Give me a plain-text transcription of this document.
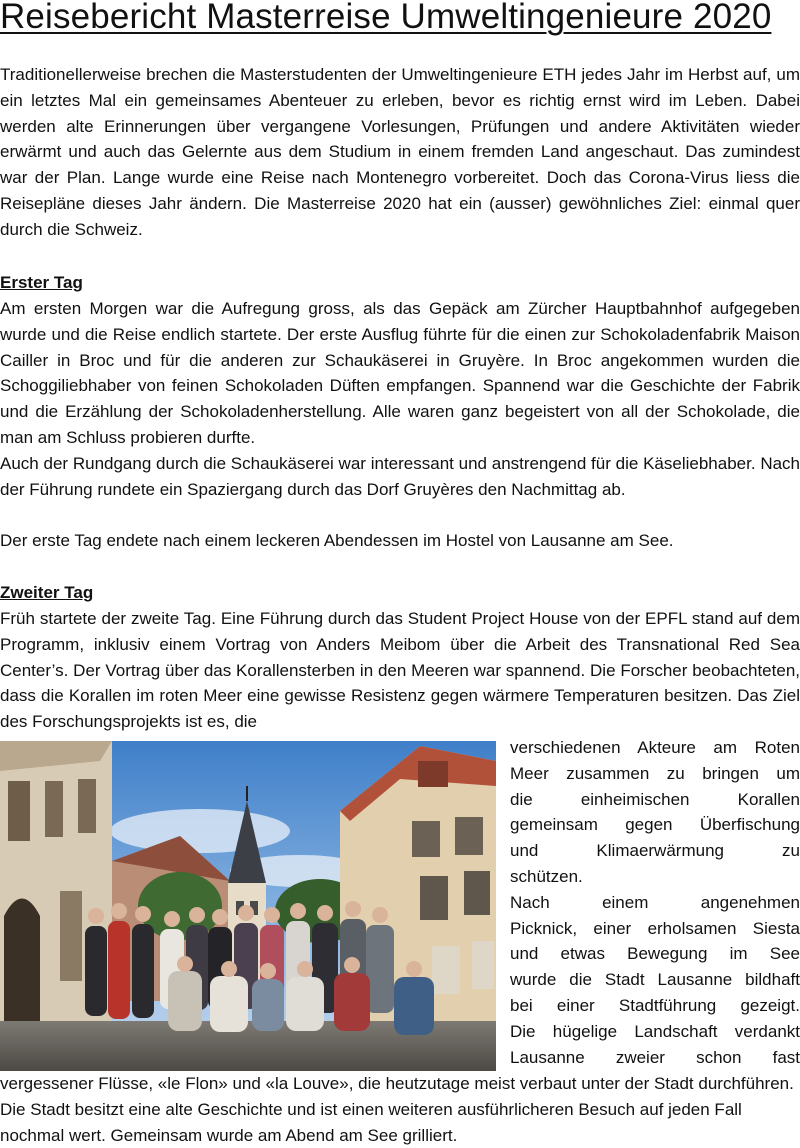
Reisebericht Masterreise Umweltingenieure 2020

Traditionellerweise brechen die Masterstudenten der Umweltingenieure ETH jedes Jahr im Herbst auf, um ein letztes Mal ein gemeinsames Abenteuer zu erleben, bevor es richtig ernst wird im Leben. Dabei werden alte Erinnerungen über vergangene Vorlesungen, Prüfungen und andere Aktivitäten wieder erwärmt und auch das Gelernte aus dem Studium in einem fremden Land angeschaut. Das zumindest war der Plan. Lange wurde eine Reise nach Montenegro vorbereitet. Doch das Corona-Virus liess die Reisepläne dieses Jahr ändern. Die Masterreise 2020 hat ein (ausser) gewöhnliches Ziel: einmal quer durch die Schweiz.

Erster Tag

Am ersten Morgen war die Aufregung gross, als das Gepäck am Zürcher Hauptbahnhof aufgegeben wurde und die Reise endlich startete. Der erste Ausflug führte für die einen zur Schokoladenfabrik Maison Cailler in Broc und für die anderen zur Schaukäserei in Gruyère. In Broc angekommen wurden die Schoggiliebhaber von feinen Schokoladen Düften empfangen. Spannend war die Geschichte der Fabrik und die Erzählung der Schokoladenherstellung. Alle waren ganz begeistert von all der Schokolade, die man am Schluss probieren durfte.

Auch der Rundgang durch die Schaukäserei war interessant und anstrengend für die Käseliebhaber. Nach der Führung rundete ein Spaziergang durch das Dorf Gruyères den Nachmittag ab.

Der erste Tag endete nach einem leckeren Abendessen im Hostel von Lausanne am See.

Zweiter Tag

Früh startete der zweite Tag. Eine Führung durch das Student Project House von der EPFL stand auf dem Programm, inklusiv einem Vortrag von Anders Meibom über die Arbeit des Transnational Red Sea Center’s. Der Vortrag über das Korallensterben in den Meeren war spannend. Die Forscher beobachteten, dass die Korallen im roten Meer eine gewisse Resistenz gegen wärmere Temperaturen besitzen. Das Ziel des Forschungsprojekts ist es, die

verschiedenen Akteure am Roten
Meer zusammen zu bringen um
die einheimischen Korallen
gemeinsam gegen Überfischung
und Klimaerwärmung zu
schützen.
Nach einem angenehmen
Picknick, einer erholsamen Siesta
und etwas Bewegung im See
wurde die Stadt Lausanne bildhaft
bei einer Stadtführung gezeigt.
Die hügelige Landschaft verdankt
Lausanne zweier schon fast

vergessener Flüsse, «le Flon» und «la Louve», die heutzutage meist verbaut unter der Stadt durchführen. Die Stadt besitzt eine alte Geschichte und ist einen weiteren ausführlicheren Besuch auf jeden Fall nochmal wert. Gemeinsam wurde am Abend am See grilliert.
